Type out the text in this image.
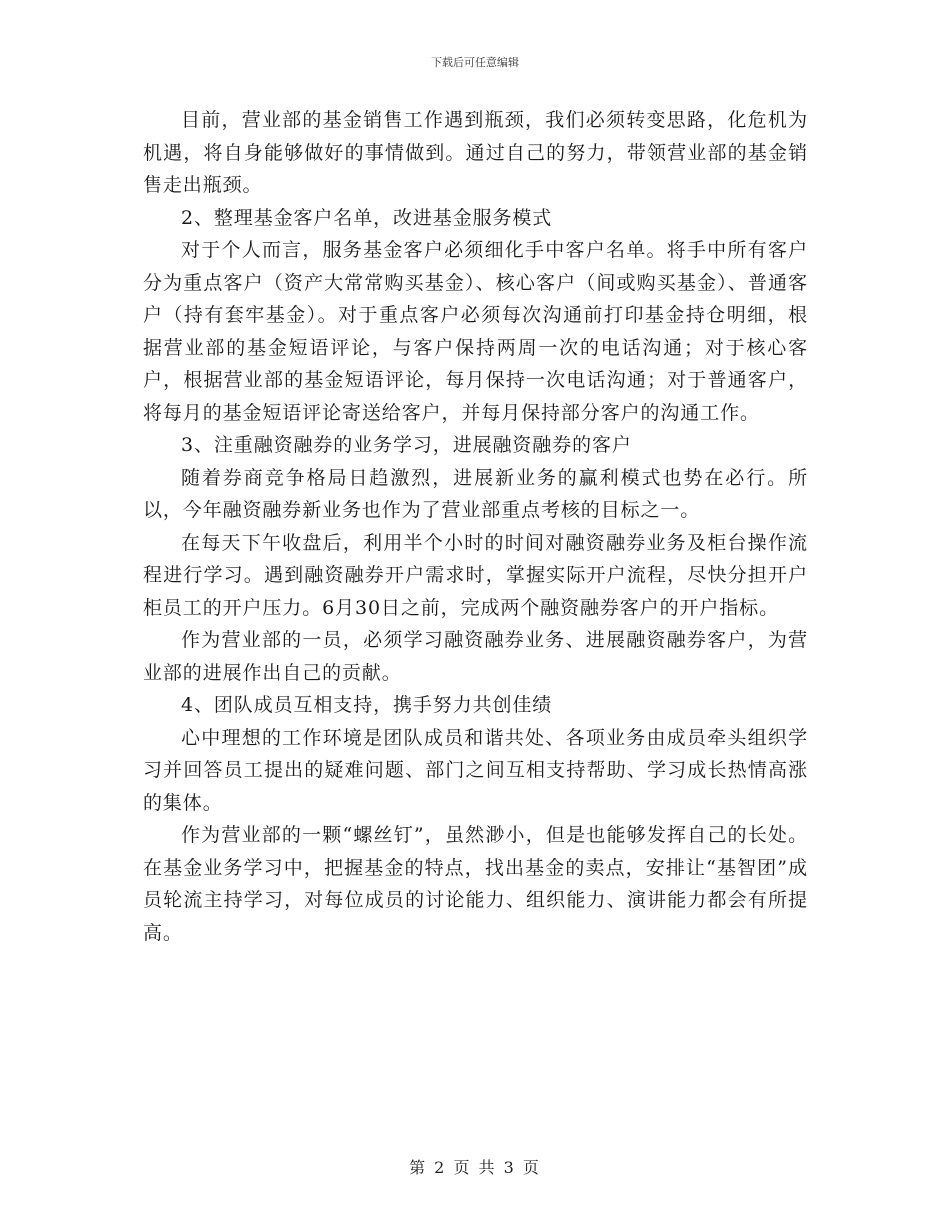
下载后可任意编辑

目前，营业部的基金销售工作遇到瓶颈，我们必须转变思路，化危机为机遇，将自身能够做好的事情做到。通过自己的努力，带领营业部的基金销售走出瓶颈。

2、整理基金客户名单，改进基金服务模式

对于个人而言，服务基金客户必须细化手中客户名单。将手中所有客户分为重点客户（资产大常常购买基金）、核心客户（间或购买基金）、普通客户（持有套牢基金）。对于重点客户必须每次沟通前打印基金持仓明细，根据营业部的基金短语评论，与客户保持两周一次的电话沟通；对于核心客户，根据营业部的基金短语评论，每月保持一次电话沟通；对于普通客户，将每月的基金短语评论寄送给客户，并每月保持部分客户的沟通工作。

3、注重融资融券的业务学习，进展融资融券的客户

随着券商竞争格局日趋激烈，进展新业务的赢利模式也势在必行。所以，今年融资融券新业务也作为了营业部重点考核的目标之一。

在每天下午收盘后，利用半个小时的时间对融资融券业务及柜台操作流程进行学习。遇到融资融券开户需求时，掌握实际开户流程，尽快分担开户柜员工的开户压力。6月30日之前，完成两个融资融券客户的开户指标。

作为营业部的一员，必须学习融资融券业务、进展融资融券客户，为营业部的进展作出自己的贡献。

4、团队成员互相支持，携手努力共创佳绩

心中理想的工作环境是团队成员和谐共处、各项业务由成员牵头组织学习并回答员工提出的疑难问题、部门之间互相支持帮助、学习成长热情高涨的集体。

作为营业部的一颗“螺丝钉”，虽然渺小，但是也能够发挥自己的长处。在基金业务学习中，把握基金的特点，找出基金的卖点，安排让“基智团”成员轮流主持学习，对每位成员的讨论能力、组织能力、演讲能力都会有所提高。

第 2 页 共 3 页
